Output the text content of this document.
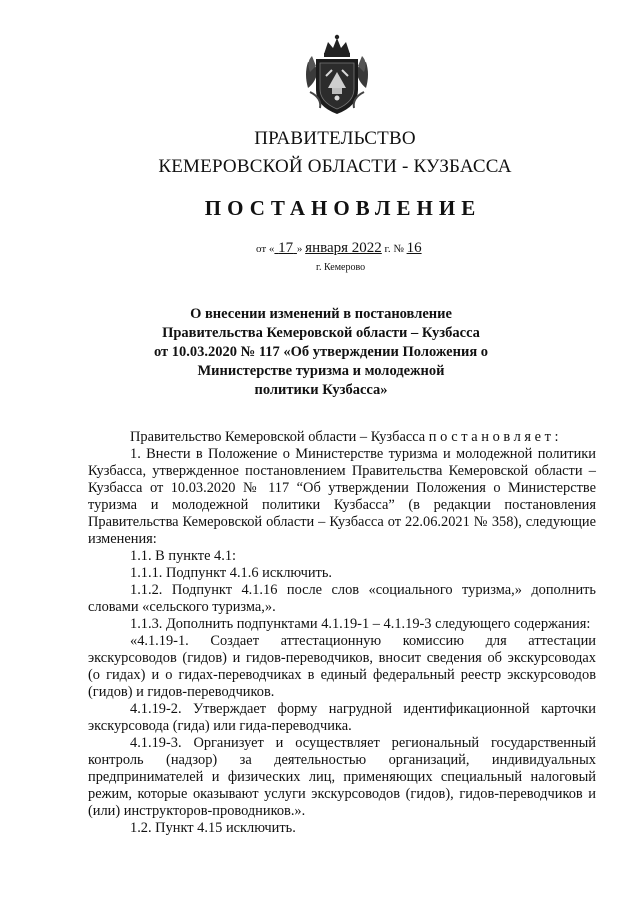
ПРАВИТЕЛЬСТВО
КЕМЕРОВСКОЙ ОБЛАСТИ - КУЗБАССА
ПОСТАНОВЛЕНИЕ
от « 17 » января 2022 г. № 16
г. Кемерово
О внесении изменений в постановление
Правительства Кемеровской области – Кузбасса
от 10.03.2020 № 117 «Об утверждении Положения о
Министерстве туризма и молодежной
политики Кузбасса»

Правительство Кемеровской области – Кузбасса постановляет:

1. Внести в Положение о Министерстве туризма и молодежной политики Кузбасса, утвержденное постановлением Правительства Кемеровской области – Кузбасса от 10.03.2020 № 117 “Об утверждении Положения о Министерстве туризма и молодежной политики Кузбасса” (в редакции постановления Правительства Кемеровской области – Кузбасса от 22.06.2021 № 358), следующие изменения:

1.1. В пункте 4.1:

1.1.1. Подпункт 4.1.6 исключить.

1.1.2. Подпункт 4.1.16 после слов «социального туризма,» дополнить словами «сельского туризма,».

1.1.3. Дополнить подпунктами 4.1.19-1 – 4.1.19-3 следующего содержания:

«4.1.19-1. Создает аттестационную комиссию для аттестации экскурсоводов (гидов) и гидов-переводчиков, вносит сведения об экскурсоводах (о гидах) и о гидах-переводчиках в единый федеральный реестр экскурсоводов (гидов) и гидов-переводчиков.

4.1.19-2. Утверждает форму нагрудной идентификационной карточки экскурсовода (гида) или гида-переводчика.

4.1.19-3. Организует и осуществляет региональный государственный контроль (надзор) за деятельностью организаций, индивидуальных предпринимателей и физических лиц, применяющих специальный налоговый режим, которые оказывают услуги экскурсоводов (гидов), гидов-переводчиков и (или) инструкторов-проводников.».

1.2. Пункт 4.15 исключить.
